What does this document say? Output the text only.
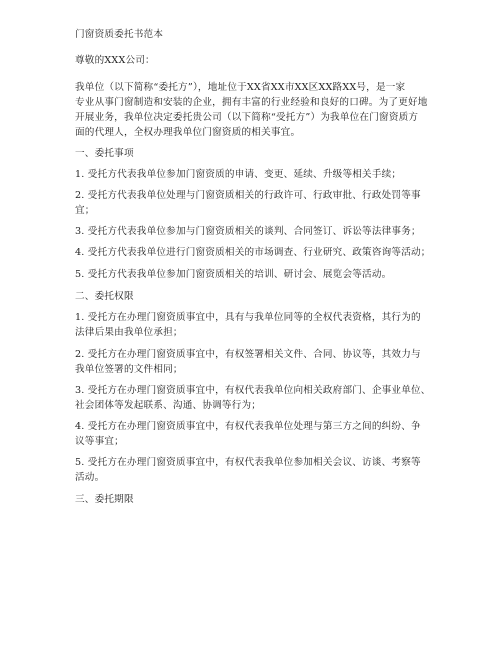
门窗资质委托书范本
尊敬的XXX公司：
我单位（以下简称“委托方”），地址位于XX省XX市XX区XX路XX号，是一家
专业从事门窗制造和安装的企业，拥有丰富的行业经验和良好的口碑。为了更好地
开展业务，我单位决定委托贵公司（以下简称“受托方”）为我单位在门窗资质方
面的代理人，全权办理我单位门窗资质的相关事宜。
一、委托事项
1. 受托方代表我单位参加门窗资质的申请、变更、延续、升级等相关手续；
2. 受托方代表我单位处理与门窗资质相关的行政许可、行政审批、行政处罚等事
宜；
3. 受托方代表我单位参加与门窗资质相关的谈判、合同签订、诉讼等法律事务；
4. 受托方代表我单位进行门窗资质相关的市场调查、行业研究、政策咨询等活动；
5. 受托方代表我单位参加门窗资质相关的培训、研讨会、展览会等活动。
二、委托权限
1. 受托方在办理门窗资质事宜中，具有与我单位同等的全权代表资格，其行为的
法律后果由我单位承担；
2. 受托方在办理门窗资质事宜中，有权签署相关文件、合同、协议等，其效力与
我单位签署的文件相同；
3. 受托方在办理门窗资质事宜中，有权代表我单位向相关政府部门、企事业单位、
社会团体等发起联系、沟通、协调等行为；
4. 受托方在办理门窗资质事宜中，有权代表我单位处理与第三方之间的纠纷、争
议等事宜；
5. 受托方在办理门窗资质事宜中，有权代表我单位参加相关会议、访谈、考察等
活动。
三、委托期限
